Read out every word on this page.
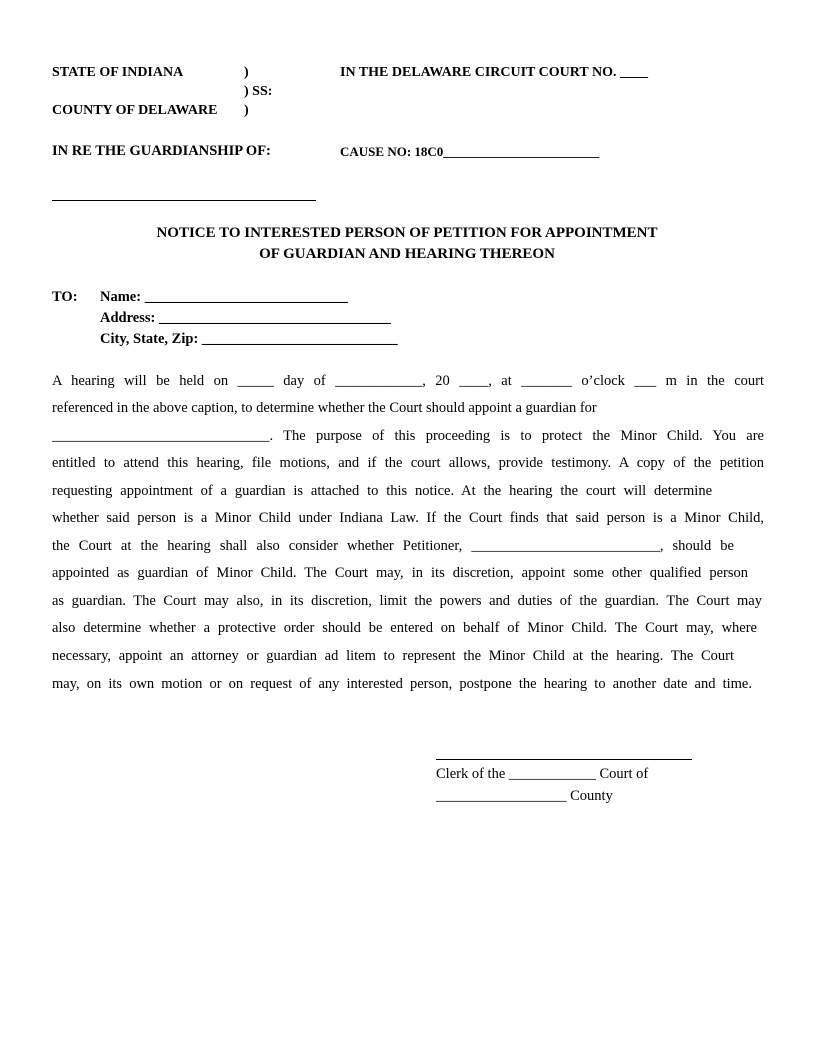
STATE OF INDIANA	)
) SS:
COUNTY OF DELAWARE )
IN THE DELAWARE CIRCUIT COURT NO. ____
IN RE THE GUARDIANSHIP OF:	CAUSE NO: 18C0________________________
NOTICE TO INTERESTED PERSON OF PETITION FOR APPOINTMENT
OF GUARDIAN AND HEARING THEREON
TO: Name: ____________________________
Address: ________________________________
City, State, Zip: ___________________________
A hearing will be held on _____ day of ____________, 20 ____, at _______ o’clock ___ m in the court
referenced in the above caption, to determine whether the Court should appoint a guardian for
______________________________. The purpose of this proceeding is to protect the Minor Child. You are
entitled to attend this hearing, file motions, and if the court allows, provide testimony. A copy of the petition
requesting appointment of a guardian is attached to this notice. At the hearing the court will determine
whether said person is a Minor Child under Indiana Law. If the Court finds that said person is a Minor Child,
the Court at the hearing shall also consider whether Petitioner, __________________________, should be
appointed as guardian of Minor Child. The Court may, in its discretion, appoint some other qualified person
as guardian. The Court may also, in its discretion, limit the powers and duties of the guardian. The Court may
also determine whether a protective order should be entered on behalf of Minor Child. The Court may, where
necessary, appoint an attorney or guardian ad litem to represent the Minor Child at the hearing. The Court
may, on its own motion or on request of any interested person, postpone the hearing to another date and time.
Clerk of the ____________ Court of
__________________ County
